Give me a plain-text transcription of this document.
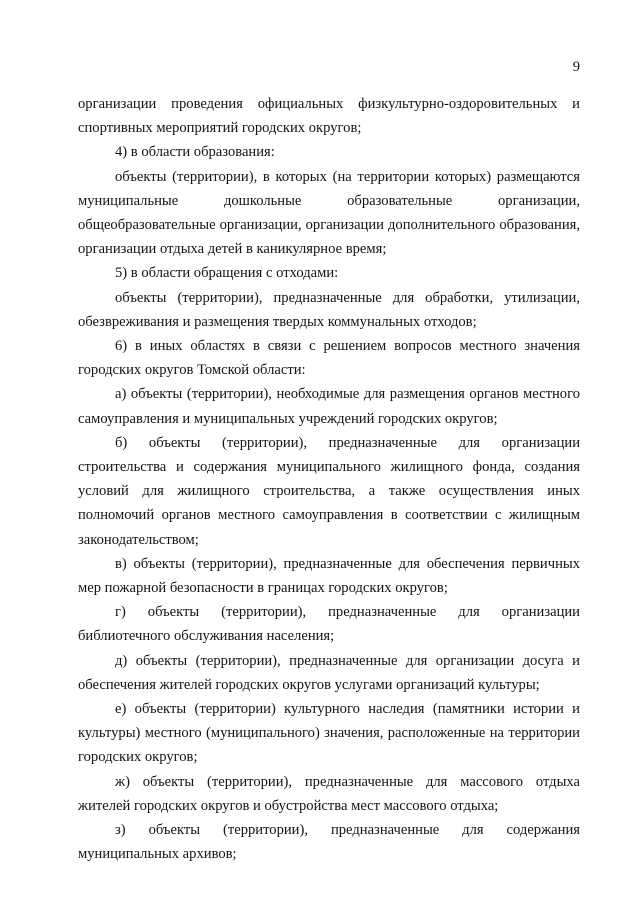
9

организации проведения официальных физкультурно-оздоровительных и спортивных мероприятий городских округов;

4) в области образования:

объекты (территории), в которых (на территории которых) размещаются муниципальные дошкольные образовательные организации, общеобразовательные организации, организации дополнительного образования, организации отдыха детей в каникулярное время;

5) в области обращения с отходами:

объекты (территории), предназначенные для обработки, утилизации, обезвреживания и размещения твердых коммунальных отходов;

6) в иных областях в связи с решением вопросов местного значения городских округов Томской области:

а) объекты (территории), необходимые для размещения органов местного самоуправления и муниципальных учреждений городских округов;

б) объекты (территории), предназначенные для организации строительства и содержания муниципального жилищного фонда, создания условий для жилищного строительства, а также осуществления иных полномочий органов местного самоуправления в соответствии с жилищным законодательством;

в) объекты (территории), предназначенные для обеспечения первичных мер пожарной безопасности в границах городских округов;

г) объекты (территории), предназначенные для организации библиотечного обслуживания населения;

д) объекты (территории), предназначенные для организации досуга и обеспечения жителей городских округов услугами организаций культуры;

е) объекты (территории) культурного наследия (памятники истории и культуры) местного (муниципального) значения, расположенные на территории городских округов;

ж) объекты (территории), предназначенные для массового отдыха жителей городских округов и обустройства мест массового отдыха;

з) объекты (территории), предназначенные для содержания муниципальных архивов;
